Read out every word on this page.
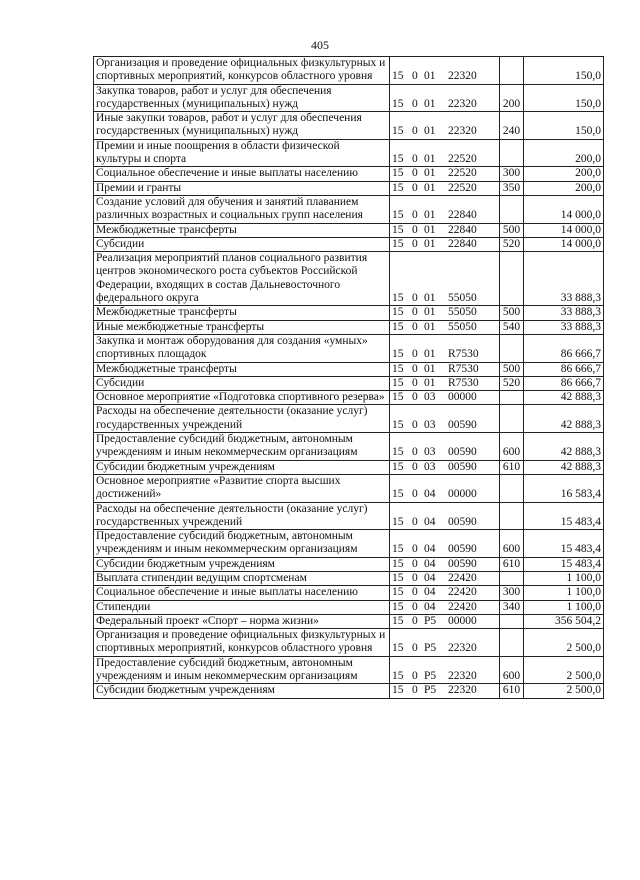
405
Организация и проведение официальных физкультурных и спортивных мероприятий, конкурсов областного уровня	15 0 01 22320		150,0
Закупка товаров, работ и услуг для обеспечения государственных (муниципальных) нужд	15 0 01 22320	200	150,0
Иные закупки товаров, работ и услуг для обеспечения государственных (муниципальных) нужд	15 0 01 22320	240	150,0
Премии и иные поощрения в области физической культуры и спорта	15 0 01 22520		200,0
Социальное обеспечение и иные выплаты населению	15 0 01 22520	300	200,0
Премии и гранты	15 0 01 22520	350	200,0
Создание условий для обучения и занятий плаванием различных возрастных и социальных групп населения	15 0 01 22840		14 000,0
Межбюджетные трансферты	15 0 01 22840	500	14 000,0
Субсидии	15 0 01 22840	520	14 000,0
Реализация мероприятий планов социального развития центров экономического роста субъектов Российской Федерации, входящих в состав Дальневосточного федерального округа	15 0 01 55050		33 888,3
Межбюджетные трансферты	15 0 01 55050	500	33 888,3
Иные межбюджетные трансферты	15 0 01 55050	540	33 888,3
Закупка и монтаж оборудования для создания «умных» спортивных площадок	15 0 01 R7530		86 666,7
Межбюджетные трансферты	15 0 01 R7530	500	86 666,7
Субсидии	15 0 01 R7530	520	86 666,7
Основное мероприятие «Подготовка спортивного резерва»	15 0 03 00000		42 888,3
Расходы на обеспечение деятельности (оказание услуг) государственных учреждений	15 0 03 00590		42 888,3
Предоставление субсидий бюджетным, автономным учреждениям и иным некоммерческим организациям	15 0 03 00590	600	42 888,3
Субсидии бюджетным учреждениям	15 0 03 00590	610	42 888,3
Основное мероприятие «Развитие спорта высших достижений»	15 0 04 00000		16 583,4
Расходы на обеспечение деятельности (оказание услуг) государственных учреждений	15 0 04 00590		15 483,4
Предоставление субсидий бюджетным, автономным учреждениям и иным некоммерческим организациям	15 0 04 00590	600	15 483,4
Субсидии бюджетным учреждениям	15 0 04 00590	610	15 483,4
Выплата стипендии ведущим спортсменам	15 0 04 22420		1 100,0
Социальное обеспечение и иные выплаты населению	15 0 04 22420	300	1 100,0
Стипендии	15 0 04 22420	340	1 100,0
Федеральный проект «Спорт – норма жизни»	15 0 P5 00000		356 504,2
Организация и проведение официальных физкультурных и спортивных мероприятий, конкурсов областного уровня	15 0 P5 22320		2 500,0
Предоставление субсидий бюджетным, автономным учреждениям и иным некоммерческим организациям	15 0 P5 22320	600	2 500,0
Субсидии бюджетным учреждениям	15 0 P5 22320	610	2 500,0
